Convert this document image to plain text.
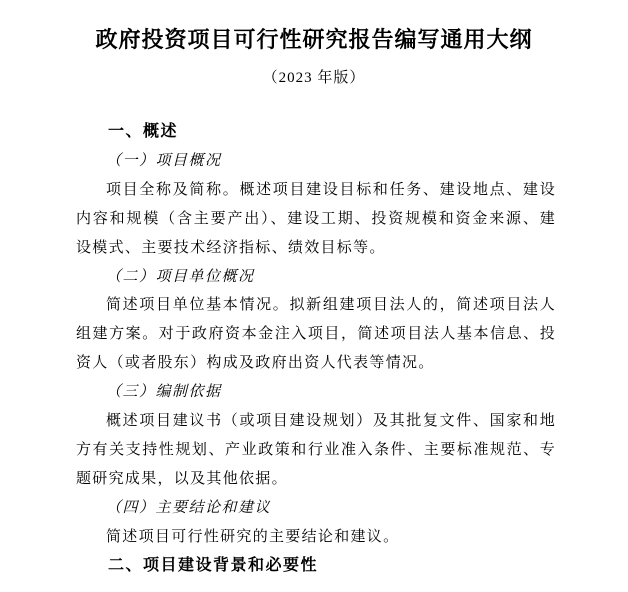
政府投资项目可行性研究报告编写通用大纲
（2023 年版）
一、概述
（一）项目概况
项目全称及简称。概述项目建设目标和任务、建设地点、建设内容和规模（含主要产出）、建设工期、投资规模和资金来源、建设模式、主要技术经济指标、绩效目标等。
（二）项目单位概况
简述项目单位基本情况。拟新组建项目法人的，简述项目法人组建方案。对于政府资本金注入项目，简述项目法人基本信息、投资人（或者股东）构成及政府出资人代表等情况。
（三）编制依据
概述项目建议书（或项目建设规划）及其批复文件、国家和地方有关支持性规划、产业政策和行业准入条件、主要标准规范、专题研究成果，以及其他依据。
（四）主要结论和建议
简述项目可行性研究的主要结论和建议。
二、项目建设背景和必要性
